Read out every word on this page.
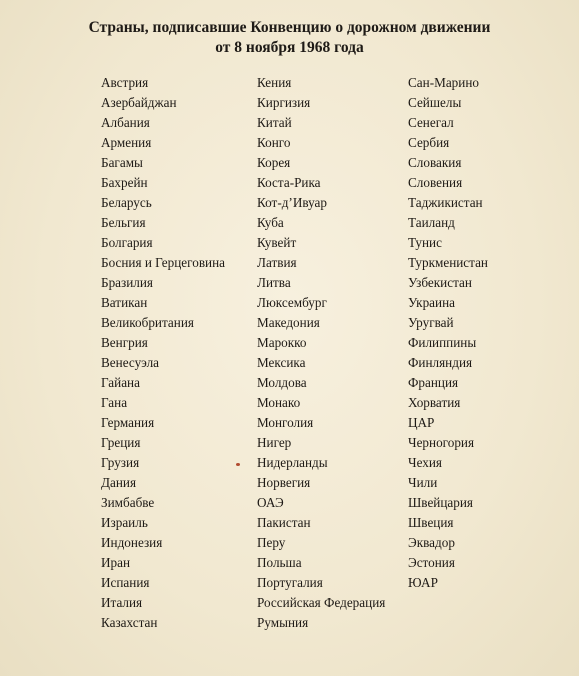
Страны, подписавшие Конвенцию о дорожном движении
от 8 ноября 1968 года
Австрия
Азербайджан
Албания
Армения
Багамы
Бахрейн
Беларусь
Бельгия
Болгария
Босния и Герцеговина
Бразилия
Ватикан
Великобритания
Венгрия
Венесуэла
Гайана
Гана
Германия
Греция
Грузия
Дания
Зимбабве
Израиль
Индонезия
Иран
Испания
Италия
Казахстан
Кения
Киргизия
Китай
Конго
Корея
Коста-Рика
Кот-д’Ивуар
Куба
Кувейт
Латвия
Литва
Люксембург
Македония
Марокко
Мексика
Молдова
Монако
Монголия
Нигер
Нидерланды
Норвегия
ОАЭ
Пакистан
Перу
Польша
Португалия
Российская Федерация
Румыния
Сан-Марино
Сейшелы
Сенегал
Сербия
Словакия
Словения
Таджикистан
Таиланд
Тунис
Туркменистан
Узбекистан
Украина
Уругвай
Филиппины
Финляндия
Франция
Хорватия
ЦАР
Черногория
Чехия
Чили
Швейцария
Швеция
Эквадор
Эстония
ЮАР
